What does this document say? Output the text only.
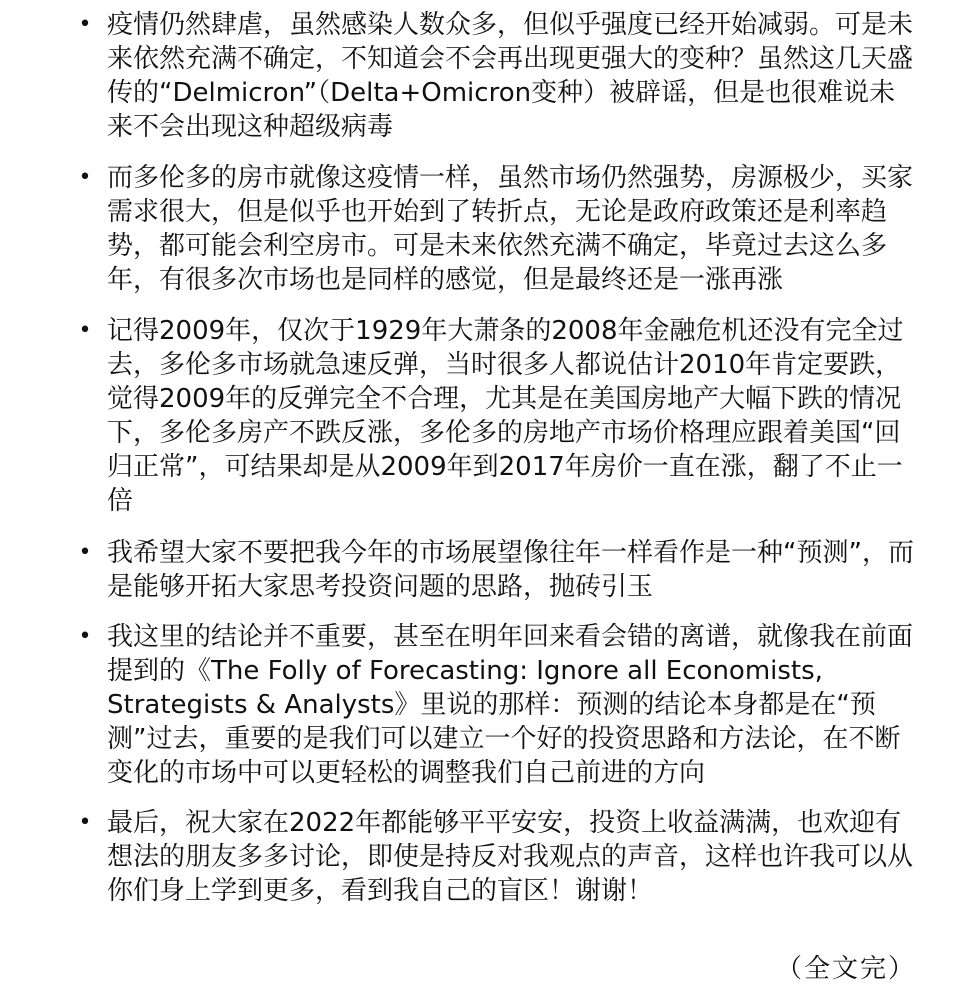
• 疫情仍然肆虐，虽然感染人数众多，但似乎强度已经开始减弱。可是未来依然充满不确定，不知道会不会再出现更强大的变种？虽然这几天盛传的“Delmicron”（Delta+Omicron变种）被辟谣，但是也很难说未来不会出现这种超级病毒
• 而多伦多的房市就像这疫情一样，虽然市场仍然强势，房源极少，买家需求很大，但是似乎也开始到了转折点，无论是政府政策还是利率趋势，都可能会利空房市。可是未来依然充满不确定，毕竟过去这么多年，有很多次市场也是同样的感觉，但是最终还是一涨再涨
• 记得2009年，仅次于1929年大萧条的2008年金融危机还没有完全过去，多伦多市场就急速反弹，当时很多人都说估计2010年肯定要跌，觉得2009年的反弹完全不合理，尤其是在美国房地产大幅下跌的情况下，多伦多房产不跌反涨，多伦多的房地产市场价格理应跟着美国“回归正常”，可结果却是从2009年到2017年房价一直在涨，翻了不止一倍
• 我希望大家不要把我今年的市场展望像往年一样看作是一种“预测”，而是能够开拓大家思考投资问题的思路，抛砖引玉
• 我这里的结论并不重要，甚至在明年回来看会错的离谱，就像我在前面提到的《The Folly of Forecasting: Ignore all Economists, Strategists & Analysts》里说的那样：预测的结论本身都是在“预测”过去，重要的是我们可以建立一个好的投资思路和方法论，在不断变化的市场中可以更轻松的调整我们自己前进的方向
• 最后，祝大家在2022年都能够平平安安，投资上收益满满，也欢迎有想法的朋友多多讨论，即使是持反对我观点的声音，这样也许我可以从你们身上学到更多，看到我自己的盲区！谢谢！
（全文完）
